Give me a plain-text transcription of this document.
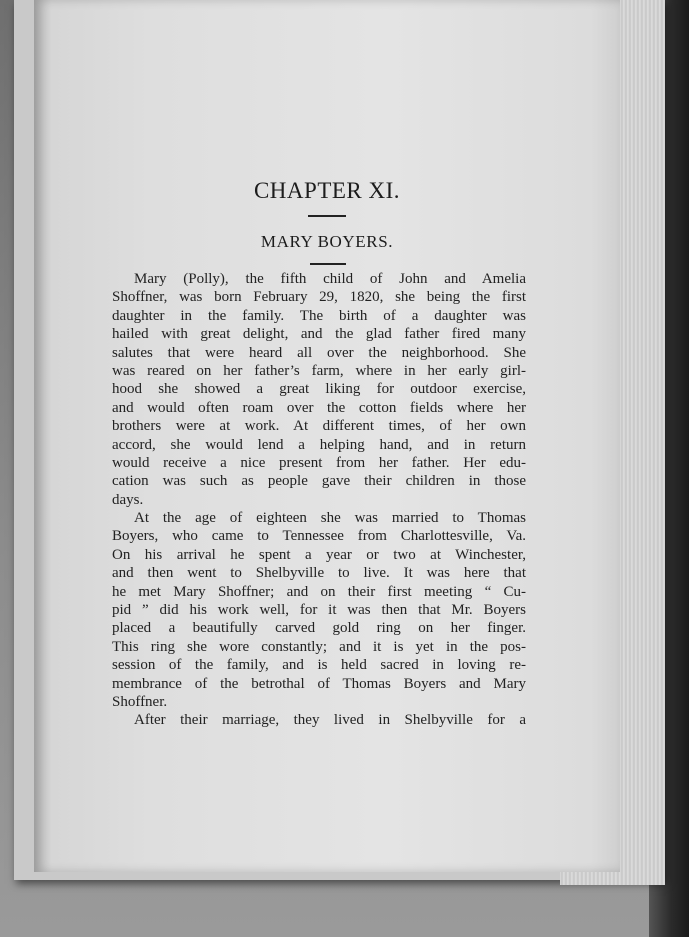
CHAPTER XI.
MARY BOYERS.
Mary (Polly), the fifth child of John and Amelia
Shoffner, was born February 29, 1820, she being the first
daughter in the family. The birth of a daughter was
hailed with great delight, and the glad father fired many
salutes that were heard all over the neighborhood. She
was reared on her father’s farm, where in her early girl-
hood she showed a great liking for outdoor exercise,
and would often roam over the cotton fields where her
brothers were at work. At different times, of her own
accord, she would lend a helping hand, and in return
would receive a nice present from her father. Her edu-
cation was such as people gave their children in those
days.
At the age of eighteen she was married to Thomas
Boyers, who came to Tennessee from Charlottesville, Va.
On his arrival he spent a year or two at Winchester,
and then went to Shelbyville to live. It was here that
he met Mary Shoffner; and on their first meeting “ Cu-
pid ” did his work well, for it was then that Mr. Boyers
placed a beautifully carved gold ring on her finger.
This ring she wore constantly; and it is yet in the pos-
session of the family, and is held sacred in loving re-
membrance of the betrothal of Thomas Boyers and Mary
Shoffner.
After their marriage, they lived in Shelbyville for a
